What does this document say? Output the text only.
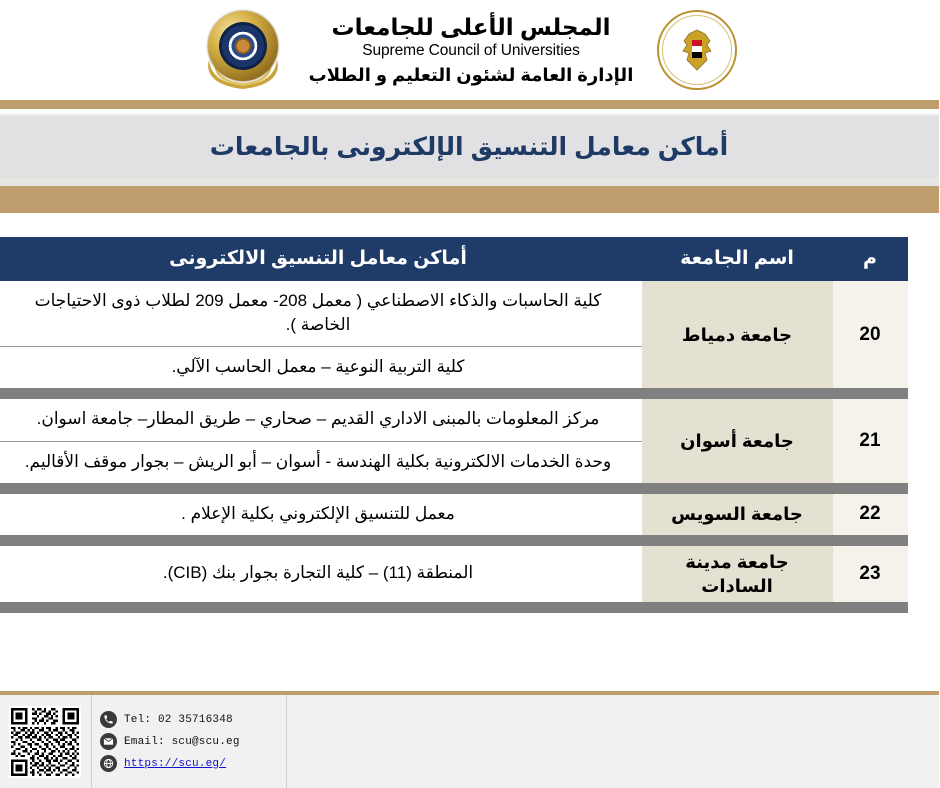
المجلس الأعلى للجامعات
Supreme Council of Universities
الإدارة العامة لشئون التعليم و الطلاب
أماكن معامل التنسيق الإلكترونى بالجامعات
م	اسم الجامعة	أماكن معامل التنسيق الالكترونى
20	جامعة دمياط	كلية الحاسبات والذكاء الاصطناعي ( معمل 208- معمل 209 لطلاب ذوى الاحتياجات الخاصة ).
كلية التربية النوعية – معمل الحاسب الآلي.

21	جامعة أسوان	مركز المعلومات بالمبنى الاداري القديم – صحاري – طريق المطار– جامعة اسوان.
وحدة الخدمات الالكترونية بكلية الهندسة - أسوان – أبو الريش – بجوار موقف الأقاليم.

22	جامعة السويس	معمل للتنسيق الإلكتروني بكلية الإعلام .

23	جامعة مدينة السادات	المنطقة (11) – كلية التجارة بجوار بنك (CIB).

Tel: 02 35716348
Email: scu@scu.eg
https://scu.eg/
